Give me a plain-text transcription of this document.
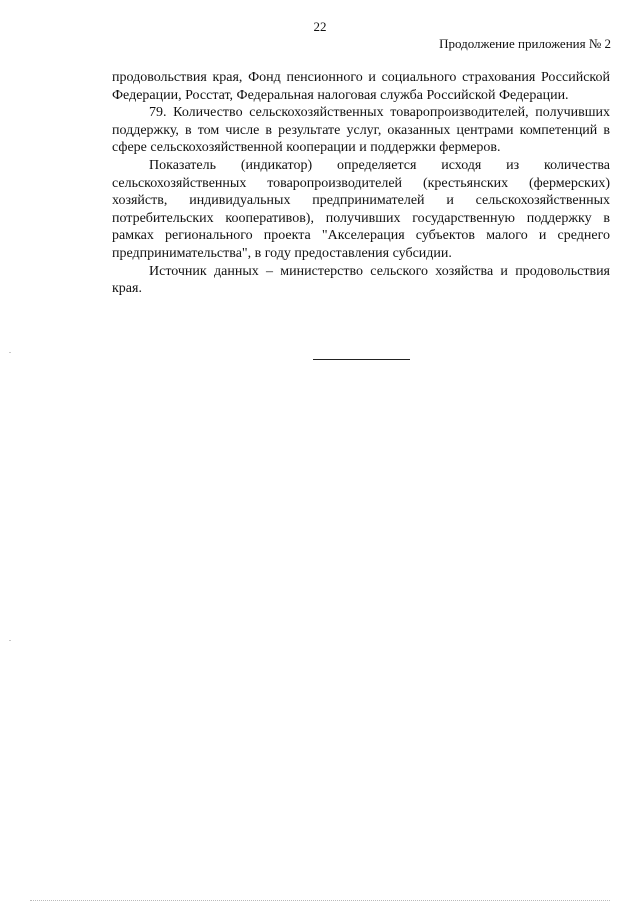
22
Продолжение приложения № 2

продовольствия края, Фонд пенсионного и социального страхования Российской Федерации, Росстат, Федеральная налоговая служба Российской Федерации.

79. Количество сельскохозяйственных товаропроизводителей, получивших поддержку, в том числе в результате услуг, оказанных центрами компетенций в сфере сельскохозяйственной кооперации и поддержки фермеров.

Показатель (индикатор) определяется исходя из количества сельскохозяйственных товаропроизводителей (крестьянских (фермерских) хозяйств, индивидуальных предпринимателей и сельскохозяйственных потребительских кооперативов), получивших государственную поддержку в рамках регионального проекта "Акселерация субъектов малого и среднего предпринимательства", в году предоставления субсидии.

Источник данных – министерство сельского хозяйства и продовольствия края.
